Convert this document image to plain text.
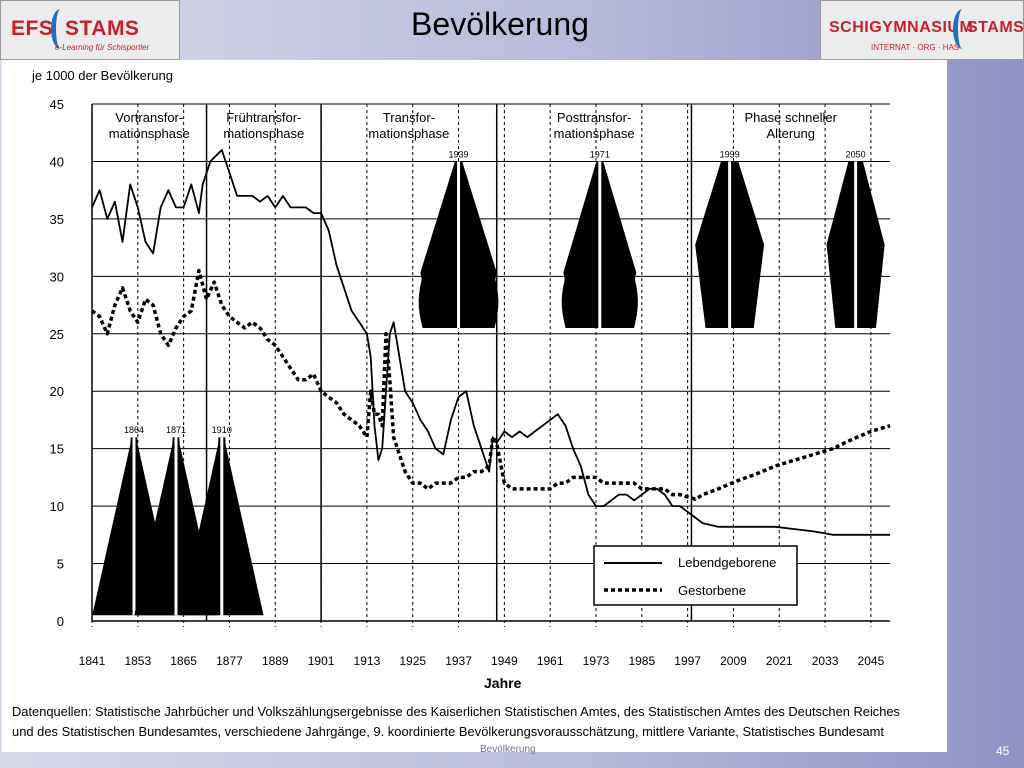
EFS STAMS
e-Learning für Schisportler
Bevölkerung	SCHIGYMNASIUM
STAMS
INTERNAT · ORG · HAS
je 1000 der Bevölkerung
1864 1871	1910
1939	1971	1999	2050
0
5
10
15
20
25
30
35
40
45
1841 1853 1865 1877 1889 1901 1913 1925 1937 1949 1961 1973 1985 1997 2009 2021 2033 2045
Vortransfor-
mationsphase
Frühtransfor-
mationsphase
Transfor-
mationsphase
Posttransfor-
mationsphase
Phase schneller
Alterung
Lebendgeborene
Gestorbene
Jahre
Datenquellen: Statistische Jahrbücher und Volkszählungsergebnisse des Kaiserlichen Statistischen Amtes, des Statistischen Amtes des Deutschen Reiches
und des Statistischen Bundesamtes, verschiedene Jahrgänge, 9. koordinierte Bevölkerungsvorausschätzung, mittlere Variante, Statistisches Bundesamt
Bevölkerung	45
